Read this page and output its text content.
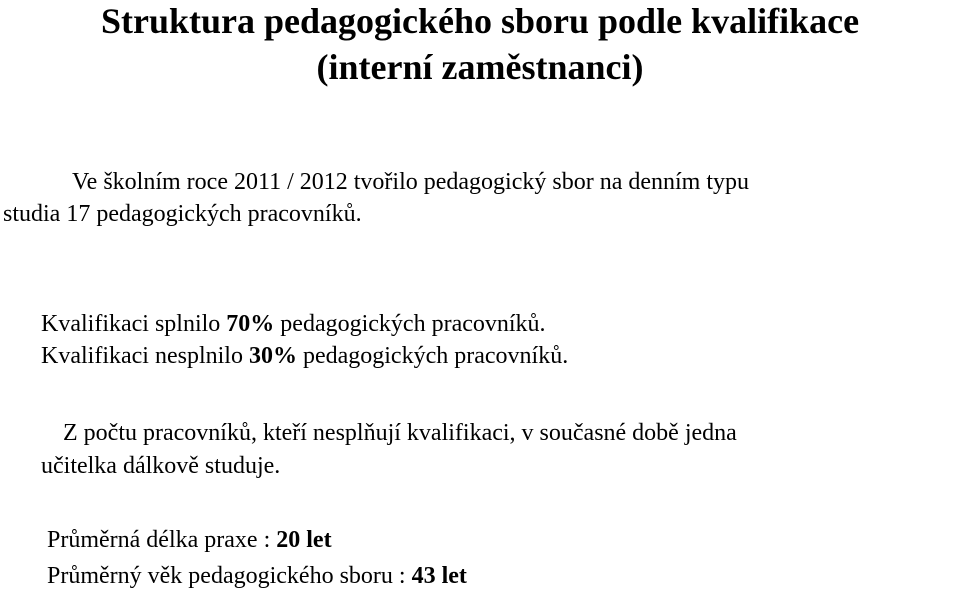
Struktura pedagogického sboru podle kvalifikace
(interní zaměstnanci)

Ve školním roce 2011 / 2012 tvořilo pedagogický sbor na denním typu

studia 17 pedagogických pracovníků.

Kvalifikaci splnilo 70% pedagogických pracovníků.

Kvalifikaci nesplnilo 30% pedagogických pracovníků.

Z počtu pracovníků, kteří nesplňují kvalifikaci, v současné době jedna

učitelka dálkově studuje.

Průměrná délka praxe : 20 let

Průměrný věk pedagogického sboru : 43 let
